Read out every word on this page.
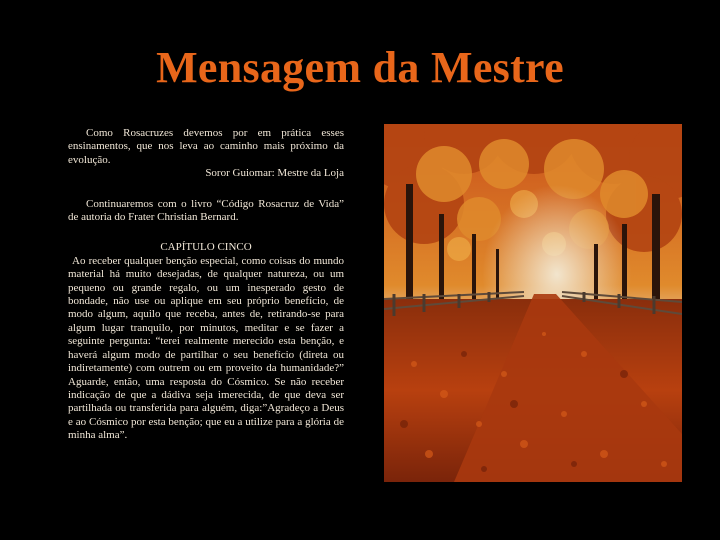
Mensagem da Mestre

Como Rosacruzes devemos por em prática esses ensinamentos, que nos leva ao caminho mais próximo da evolução.

Soror Guiomar: Mestre da Loja

Continuaremos com o livro “Código Rosacruz de Vida” de autoria do Frater Christian Bernard.

CAPÍTULO CINCO

Ao receber qualquer benção especial, como coisas do mundo material há muito desejadas, de qualquer natureza, ou um pequeno ou grande regalo, ou um inesperado gesto de bondade, não use ou aplique em seu próprio benefício, de modo algum, aquilo que receba, antes de, retirando-se para algum lugar tranquilo, por minutos, meditar e se fazer a seguinte pergunta: “terei realmente merecido esta benção, e haverá algum modo de partilhar o seu benefício (direta ou indiretamente) com outrem ou em proveito da humanidade?” Aguarde, então, uma resposta do Cósmico. Se não receber indicação de que a dádiva seja imerecida, de que deva ser partilhada ou transferida para alguém, diga:”Agradeço a Deus e ao Cósmico por esta benção; que eu a utilize para a glória de minha alma”.
